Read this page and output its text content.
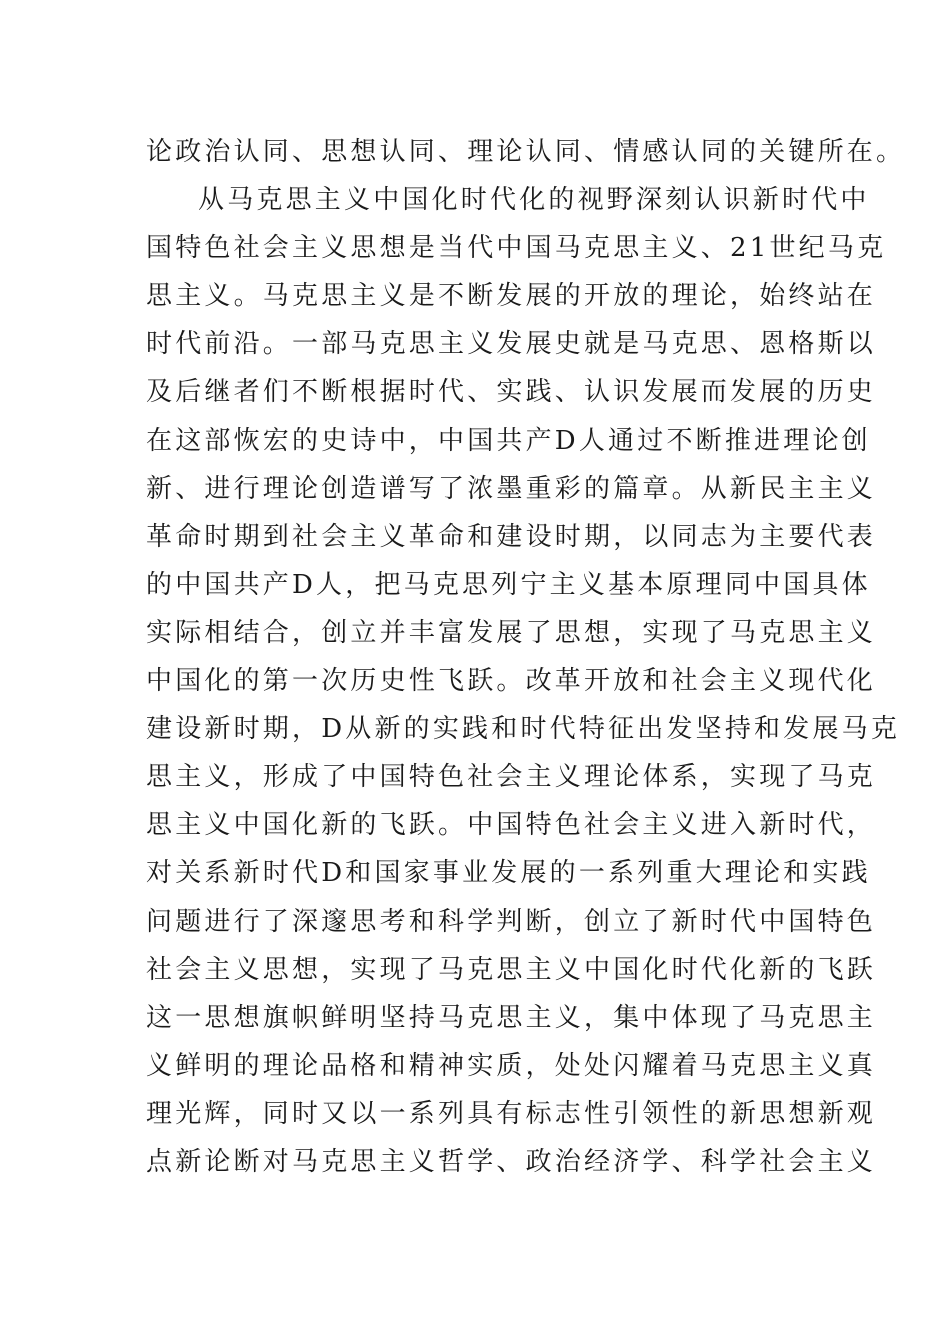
论政治认同、思想认同、理论认同、情感认同的关键所在。
从马克思主义中国化时代化的视野深刻认识新时代中
国特色社会主义思想是当代中国马克思主义、21世纪马克
思主义。马克思主义是不断发展的开放的理论，始终站在
时代前沿。一部马克思主义发展史就是马克思、恩格斯以
及后继者们不断根据时代、实践、认识发展而发展的历史
在这部恢宏的史诗中，中国共产D人通过不断推进理论创
新、进行理论创造谱写了浓墨重彩的篇章。从新民主主义
革命时期到社会主义革命和建设时期，以同志为主要代表
的中国共产D人，把马克思列宁主义基本原理同中国具体
实际相结合，创立并丰富发展了思想，实现了马克思主义
中国化的第一次历史性飞跃。改革开放和社会主义现代化
建设新时期，D从新的实践和时代特征出发坚持和发展马克
思主义，形成了中国特色社会主义理论体系，实现了马克
思主义中国化新的飞跃。中国特色社会主义进入新时代，
对关系新时代D和国家事业发展的一系列重大理论和实践
问题进行了深邃思考和科学判断，创立了新时代中国特色
社会主义思想，实现了马克思主义中国化时代化新的飞跃
这一思想旗帜鲜明坚持马克思主义，集中体现了马克思主
义鲜明的理论品格和精神实质，处处闪耀着马克思主义真
理光辉，同时又以一系列具有标志性引领性的新思想新观
点新论断对马克思主义哲学、政治经济学、科学社会主义
